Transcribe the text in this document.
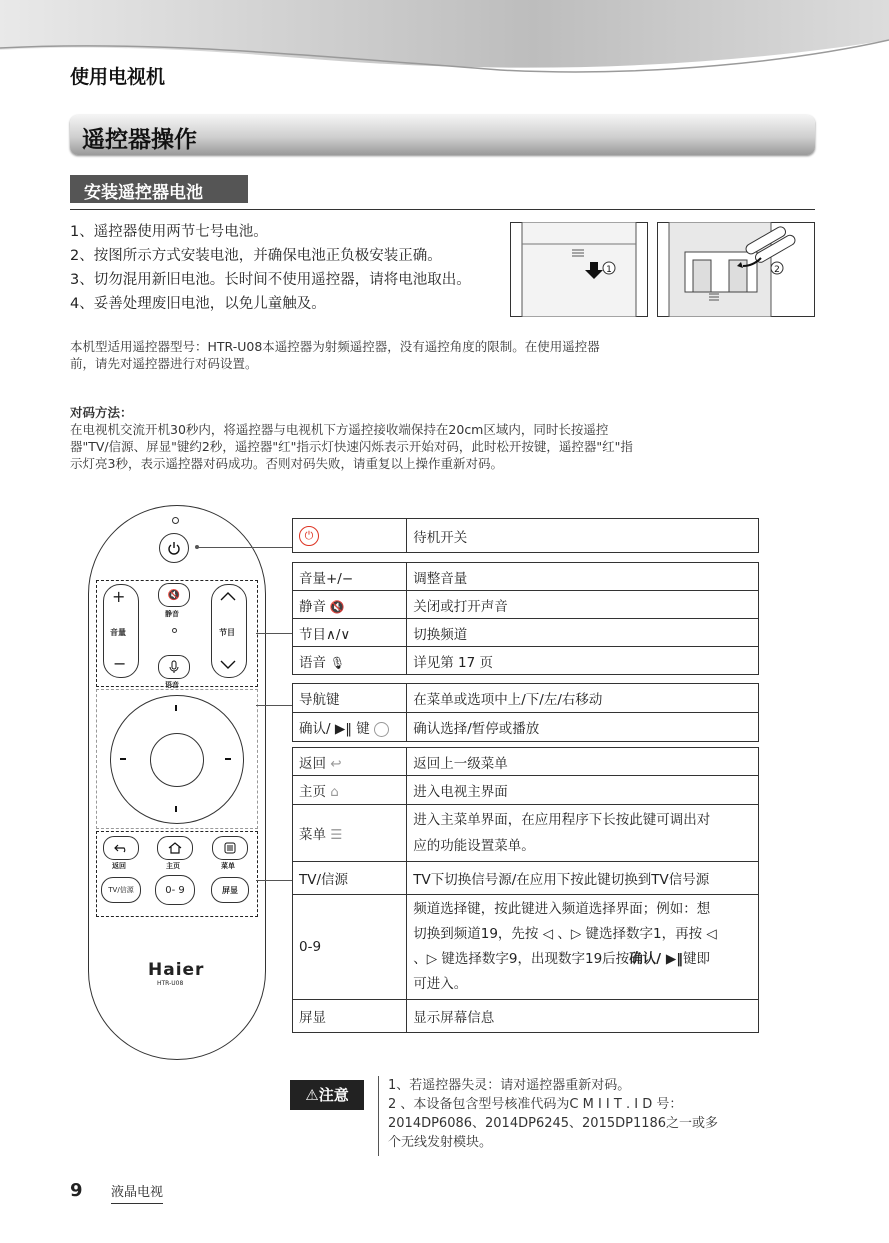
使用电视机
遥控器操作
安装遥控器电池
1、遥控器使用两节七号电池。
2、按图所示方式安装电池，并确保电池正负极安装正确。
3、切勿混用新旧电池。长时间不使用遥控器，请将电池取出。
4、妥善处理废旧电池，以免儿童触及。
1	2
本机型适用遥控器型号：HTR-U08本遥控器为射频遥控器，没有遥控角度的限制。在使用遥控器
前，请先对遥控器进行对码设置。
对码方法：
在电视机交流开机30秒内，将遥控器与电视机下方遥控接收端保持在20cm区域内，同时长按遥控
器"TV/信源、屏显"键约2秒，遥控器"红"指示灯快速闪烁表示开始对码，此时松开按键，遥控器"红"指
示灯亮3秒，表示遥控器对码成功。否则对码失败，请重复以上操作重新对码。
+
音量
−
🔇
静音
语音
节目
返回	主页	菜单
TV/信源	0- 9	屏显
Haier
HTR-U08
⏻	待机开关
音量+/−	调整音量
静音 🔇	关闭或打开声音
节目∧/∨	切换频道
语音 🎙	详见第 17 页
导航键	在菜单或选项中上/下/左/右移动
确认/ ▶‖ 键	确认选择/暂停或播放
返回 ↩	返回上一级菜单
主页 ⌂	进入电视主界面
菜单 ☰	进入主菜单界面，在应用程序下长按此键可调出对
应的功能设置菜单。

TV/信源	TV下切换信号源/在应用下按此键切换到TV信号源
0-9	频道选择键，按此键进入频道选择界面；例如：想
切换到频道19，先按 ◁ 、▷ 键选择数字1，再按 ◁
、▷ 键选择数字9，出现数字19后按确认/ ▶‖键即
可进入。

屏显	显示屏幕信息
⚠注意
1、若遥控器失灵：请对遥控器重新对码。
2 、本设备包含型号核准代码为C M I I T . I D 号：
2014DP6086、2014DP6245、2015DP1186之一或多
个无线发射模块。
9 液晶电视
